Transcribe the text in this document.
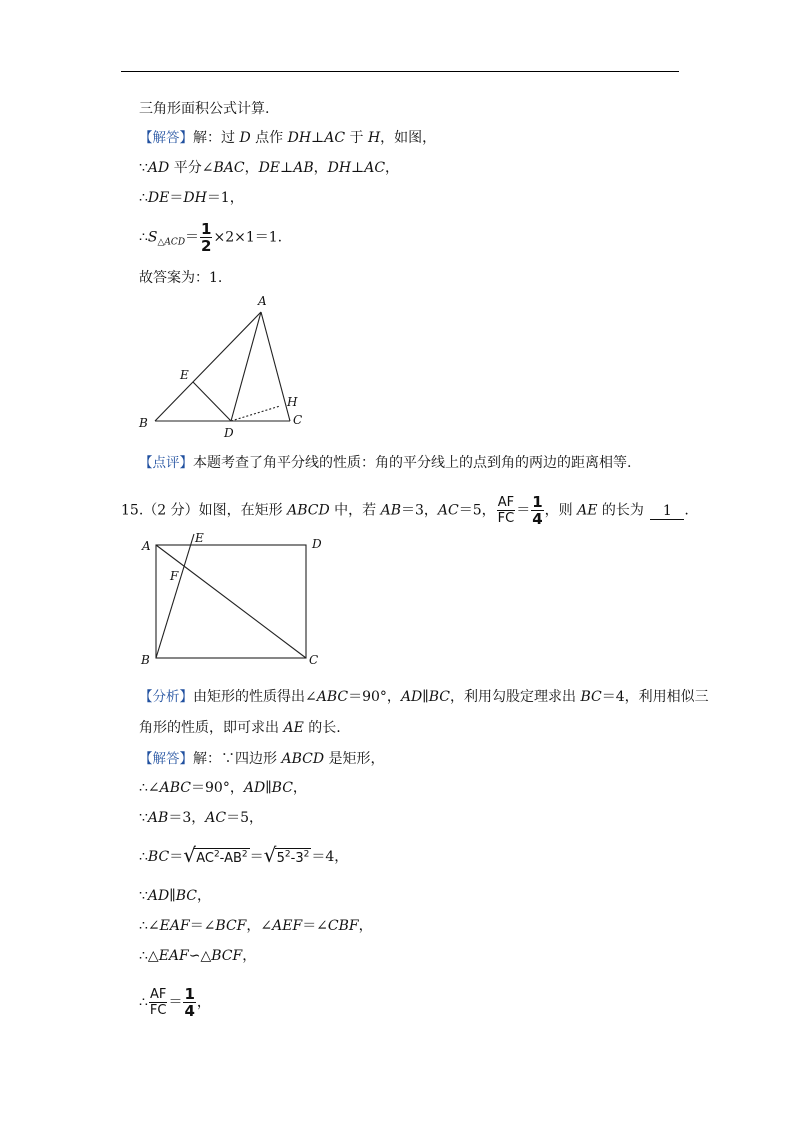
三角形面积公式计算.
【解答】解：过 D 点作 DH⊥AC 于 H，如图，
∵AD 平分∠BAC，DE⊥AB，DH⊥AC，
∴DE＝DH＝1，
$\therefore S_{\triangle ACD}= \frac{1}{2} \times 2\times 1=1$.
故答案为：1.
A
B	C
D
E
H
【点评】本题考查了角平分线的性质：角的平分线上的点到角的两边的距离相等.
15.（2 分）如图，在矩形 ABCD 中，若 AB＝3，AC＝5， $\frac{AF}{FC} = \frac{1}{4}$ ，则 AE 的长为 1 .
A
E	D
F
B	C
【分析】由矩形的性质得出∠ABC＝90°，AD∥BC，利用勾股定理求出 BC＝4，利用相似三
角形的性质，即可求出 AE 的长.
【解答】解：∵四边形 ABCD 是矩形，
∴∠ABC＝90°，AD∥BC，
∵AB＝3，AC＝5，
∴BC＝ √ $AC^2-AB^2$ ＝ √ $5^2-3^2 =4$，
∵AD∥BC，
∴∠EAF＝∠BCF，∠AEF＝∠CBF，
∴△EAF∽△BCF，
∴ $\frac{AF}{FC} = \frac{1}{4}$ ，
